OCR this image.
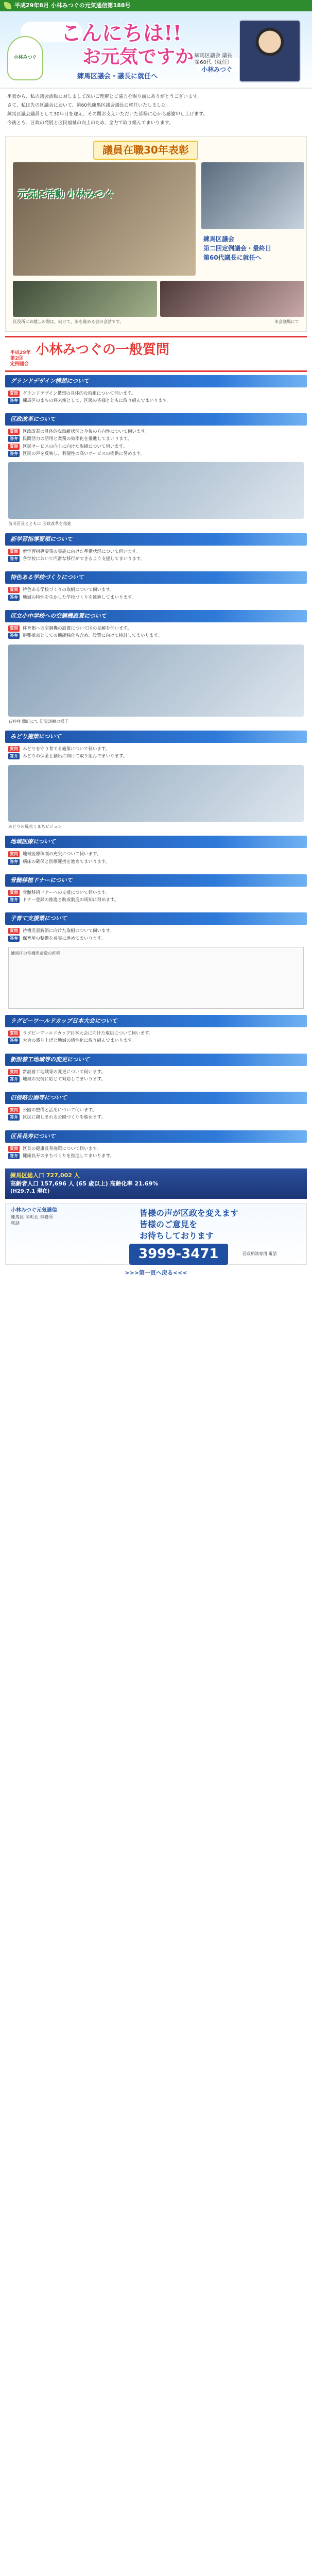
平成29年8月 小林みつぐの元気通信第188号
小林みつぐ
こんにちは!!
お元気ですか
練馬区議会・議長に就任へ
練馬区議会 議長
第60代（就任）
小林みつぐ

平素から、私の議会活動に対しまして深いご理解とご協力を賜り誠にありがとうございます。

さて、私は先の区議会において、第60代練馬区議会議長に就任いたしました。

練馬区議会議員として30年目を迎え、その間お支えいただいた皆様に心から感謝申し上げます。

今後とも、区政の発展と区民福祉の向上のため、全力で取り組んでまいります。

議員在職30年表彰
元気に活動 小林みつぐ
練馬区議会
第二回定例議会・最終日
第60代議長に就任へ
区役所にお越しの際は、向けて、歩を進める会の会話です。	本会議場にて
平成29年
第2回
定例議会
小林みつぐの一般質問
グランドデザイン構想について
質問	グランドデザイン構想の具体的な取組について伺います。
答弁	練馬区のまちの将来像として、区民の皆様とともに取り組んでまいります。
区政改革について
質問	区政改革の具体的な取組状況と今後の方向性について伺います。
答弁	民間活力の活用と業務の効率化を推進してまいります。
質問	区民サービスの向上に向けた取組について伺います。
答弁	区民の声を反映し、利便性の高いサービスの提供に努めます。
前川区長とともに 区政改革を推進
新学習指導要領について
質問	新学習指導要領の実施に向けた準備状況について伺います。
答弁	各学校において円滑な移行ができるよう支援してまいります。
特色ある学校づくりについて
質問	特色ある学校づくりの取組について伺います。
答弁	地域の特性を生かした学校づくりを推進してまいります。
区立小中学校への空調機設置について
質問	体育館への空調機の設置について区の見解を伺います。
答弁	避難拠点としての機能強化も含め、設置に向けて検討してまいります。
石神井 関町にて 防災訓練の様子
みどり施策について
質問	みどりを守り育てる施策について伺います。
答弁	みどりの保全と創出に向けて取り組んでまいります。
みどりの風吹くまちビジョン
地域医療について
質問	地域医療体制の充実について伺います。
答弁	病床の確保と医療連携を進めてまいります。
骨髄移植ドナーについて
質問	骨髄移植ドナーへの支援について伺います。
答弁	ドナー登録の推進と助成制度の周知に努めます。
子育て支援策について
質問	待機児童解消に向けた取組について伺います。
答弁	保育所の整備を着実に進めてまいります。
練馬区の待機児童数の推移
ラグビーワールドカップ日本大会について
質問	ラグビーワールドカップ日本大会に向けた取組について伺います。
答弁	大会の盛り上げと地域の活性化に取り組んでまいります。
新設着工地域等の変更について
質問	新設着工地域等の変更について伺います。
答弁	地域の実情に応じて対応してまいります。
旧侵略公園等について
質問	公園の整備と活用について伺います。
答弁	区民に親しまれる公園づくりを進めます。
区長長寿について
質問	区長の健康長寿施策について伺います。
答弁	健康長寿のまちづくりを推進してまいります。
練馬区総人口 727,002 人
高齢者人口 157,696 人 (65 歳以上) 高齢化率 21.69%
(H29.7.1 現在)
小林みつぐ元気通信
練馬区 関町北 事務所
電話
皆様の声が区政を変えます
皆様のご意見を
お待ちしております
3999-3471	区政相談専用 電話
>>>第一頁へ戻る<<<
